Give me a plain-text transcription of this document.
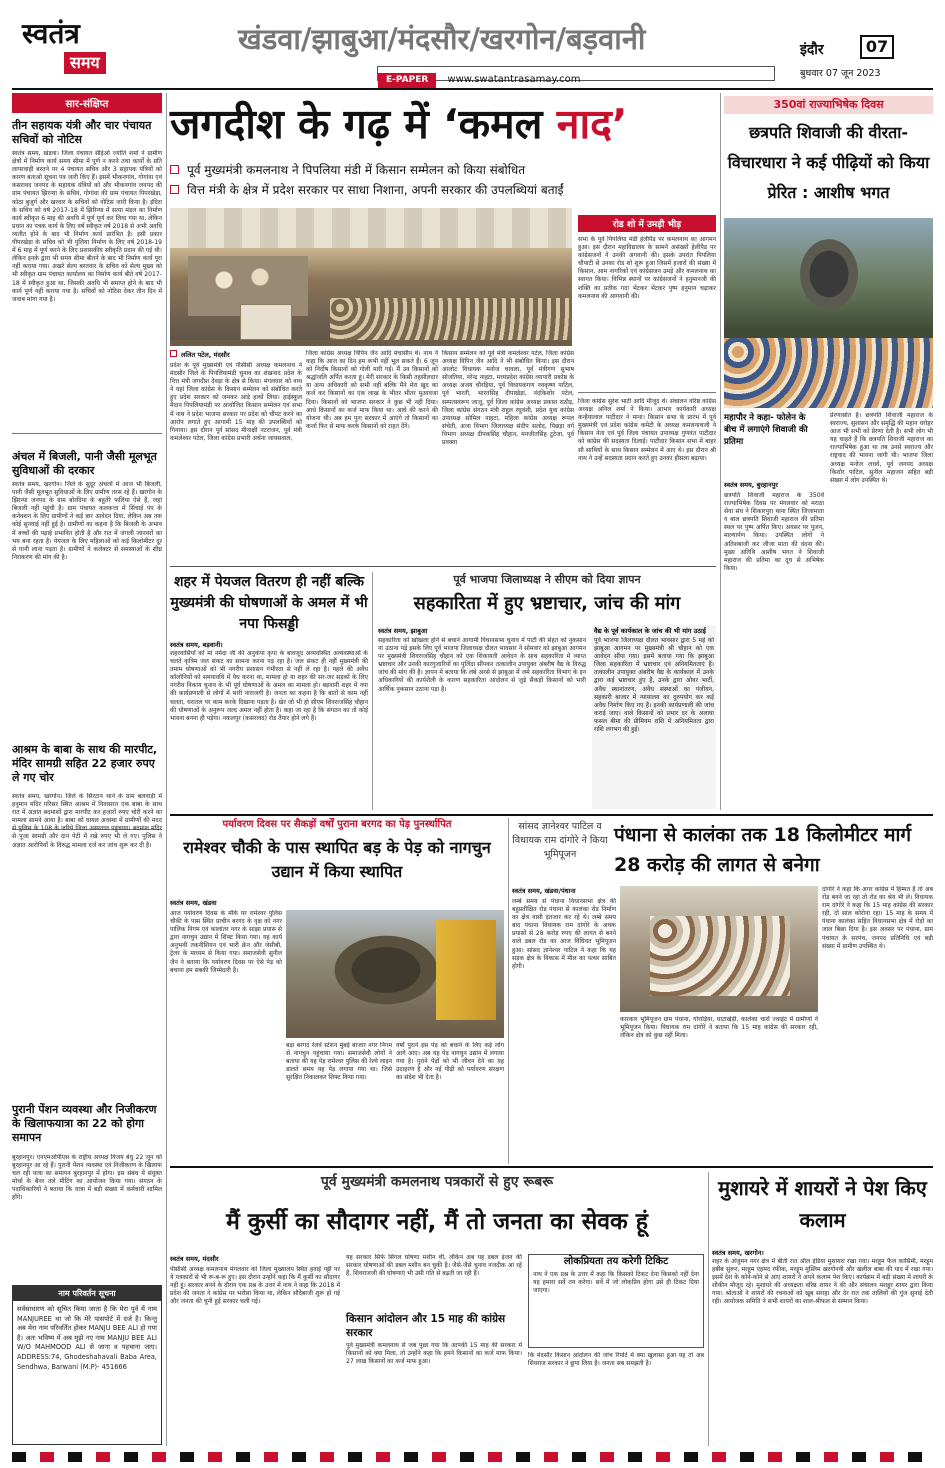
स्वतंत्र
समय
खंडवा/झाबुआ/मंदसौर/खरगोन/बड़वानी
E-PAPER www.swatantrasamay.com
इंदौर	07
बुधवार 07 जून 2023
सार-संक्षिप्त
तीन सहायक यंत्री और चार पंचायत सचिवों को नोटिस
स्वतंत्र समय, खंडवा। जिला पंचायत सीईओ ज्योति शर्मा ने ग्रामीण क्षेत्रों में निर्माण कार्य समय सीमा में पूर्ण न करने तथा कार्यों के प्रति लापरवाही बरतने पर 4 पंचायत सचिव और 3 सहायक यंत्रियों को कारण बताओ सूचना पत्र जारी किए हैं। इसमें भीकनगांव, गोगांवा एवं कसरावद जनपद के सहायक यंत्रियों को और भीकनगांव जनपद की ग्राम पंचायत झिरन्या के सचिव, गोगांवा की ग्राम पंचायत पिपरखेड़ा, कोठा बुजुर्ग और खरवार के सचिवों को नोटिस जारी किया है। इंदिरा के सचिव को वर्ष 2017-18 में झिरिन्या में सत्या मंडल का निर्माण कार्य स्वीकृत 6 माह की अवधि में पूर्ण पूर्ण कर लिया गया था, लेकिन प्रधान का पत्रक कार्य के लिए वर्ष स्वीकृत वर्ष 2018 से अभी अवधि व्यतीत होने के बाद भी निर्माण कार्य प्रारंभित है। इसी प्रकार पीपरखेड़ा के सचिव को भी पुलिया निर्माण के लिए वर्ष 2018-19 में 6 माह में पूर्ण करने के लिए प्रशासकीय स्वीकृति प्रदान की गई थी। लेकिन इनके द्वारा भी समय सीमा बीतने के बाद भी निर्माण कार्य पूरा नहीं कराया गया। अखरे सेल्य बरतवार के सचिव को सेल्य मुख्य को भी स्वीकृत ग्राम पंचायत कार्यालय का निर्माण कार्य बीते वर्ष 2017-18 में स्वीकृत हुआ था, जिसकी अवधि भी समाप्त होने के बाद भी कार्य पूर्ण नहीं कराया गया है। सचिवों को नोटिस देकर तीन दिन में जवाब मांगा गया है।
अंचल में बिजली, पानी जैसी मूलभूत सुविधाओं की दरकार
स्वतंत्र समय, खरगोन। जिले के सुदूर अंचलों में आज भी बिजली, पानी जैसी मूलभूत सुविधाओं के लिए ग्रामीण तरस रहे हैं। खरगोन के झिरन्या जनपद के ग्राम बोरदिया के बहुतेरे फलिया ऐसे हैं, जहां बिजली नहीं पहुंची है। ग्राम पंचायत कलकत्ता में सिंचाई पंप के कनेक्शन के लिए ग्रामीणों ने कई बार आवेदन दिया, लेकिन अब तक कोई सुनवाई नहीं हुई है। ग्रामीणों का कहना है कि बिजली के अभाव में बच्चों की पढ़ाई प्रभावित होती है और रात में जंगली जानवरों का भय बना रहता है। पेयजल के लिए महिलाओं को कई किलोमीटर दूर से पानी लाना पड़ता है। ग्रामीणों ने कलेक्टर से समस्याओं के शीघ्र निराकरण की मांग की है।
आश्रम के बाबा के साथ की मारपीट, मंदिर सामग्री सहित 22 हजार रुपए ले गए चोर
स्वतंत्र समय, खरगोन। जिले के सिरटान थाने के ग्राम बलवाड़ी में हनुमान मंदिर परिसर स्थित आश्रम में निवासरत एक बाबा के साथ रात में अज्ञात बदमाशों द्वारा मारपीट कर हजारों रुपए चोरी करने का मामला सामने आया है। बाबा को घायल अवस्था में ग्रामीणों की मदद से पुलिस के 108 के जरिये जिला अस्पताल पहुंचाया। बदमाश मंदिर से पूजा सामग्री और दान पेटी में रखे रुपए भी ले गए। पुलिस ने अज्ञात आरोपियों के विरुद्ध मामला दर्ज कर जांच शुरू कर दी है।
पुरानी पेंशन व्यवस्था और निजीकरण के खिलाफयात्रा का 22 को होगा समापन
बुरहानपुर। एनएमओपीएस के राष्ट्रीय अध्यक्ष विजय बंधु 22 जून को बुरहानपुर आ रहे हैं। पुरानी पेंशन व्यवस्था एवं निजीकरण के खिलाफ चल रही यात्रा का समापन बुरहानपुर में होगा। इस संबंध में संयुक्त मोर्चा के बैनर तले मीटिंग का आयोजन किया गया। संगठन के पदाधिकारियों ने बताया कि यात्रा में बड़ी संख्या में कर्मचारी शामिल होंगे।
नाम परिवर्तन सूचना
सर्वसाधारण को सूचित किया जाता है कि मेरा पूर्व में नाम MANJUREE था जो कि मेरे पासपोर्ट में दर्ज है। किन्तु अब मेरा नाम परिवर्तित होकर MANJU BEE ALI हो गया है। अतः भविष्य में अब मुझे नए नाम MANJU BEE ALI W/O MAHMOOD ALI से जाना व पहचाना जाए। ADDRESS:74, Ghodeshahavali Baba Area, Sendhwa, Barwani (M.P)- 451666
जगदीश के गढ़ में ‘कमल नाद’
पूर्व मुख्यमंत्री कमलनाथ ने पिपलिया मंडी में किसान सम्मेलन को किया संबोधित
वित्त मंत्री के क्षेत्र में प्रदेश सरकार पर साधा निशाना, अपनी सरकार की उपलब्धियां बताईं
ललित पटेल, मंदसौर
रोड शो में उमड़ी भीड़
सभा के पूर्व पिपलिया मंडी हेलीपैड पर कमलनाथ का आगमन हुआ। इस दौरान महाविद्यालय के सामने असंख्यों हेलीपैड पर कांग्रेसजनों ने उनकी अगवानी की। इसके उपरांत पिपलिया चौपाटी से उनका रोड शो शुरू हुआ जिसमें हजारों की संख्या में किसान, आम नागरिकों एवं कांग्रेसजन उमड़े और कमलनाथ का स्वागत किया। विभिन्न स्थानों पर कांग्रेसजनों ने हनुमानजी की शक्ति का प्रतीक गदा भेंटकर भेंटकर पुष्प हनुमान चढ़ाकर कमलनाथ की आगवानी की।
प्रदेश के पूर्व मुख्यमंत्री एवं पीसीसी अध्यक्ष कमलनाथ ने मंदसौर जिले के पिपलियामंडी चुनाव का शंखनाद प्रदेश के वित्त मंत्री जगदीश देवड़ा के क्षेत्र से किया। मंगलवार को नाथ ने यहां जिला कांग्रेस के किसान सम्मेलन को संबोधित करते हुए प्रदेश सरकार को जमकर आड़े हाथों लिया। हाईस्कूल मैदान पिपलियामंडी पर आयोजित किसान सम्मेलन एवं सभा में नाथ ने प्रदेश भाजपा सरकार पर प्रदेश को चौपट करने का आरोप लगाते हुए आगामी 15 माह की उपलब्धियों को गिनाया। इस दौरान पूर्व सांसद मीनाक्षी नटराजन, पूर्व मंत्री कमलेश्वर पटेल, जिला कांग्रेस प्रभारी अर्चना जायसवाल,
जिला कांग्रेस अध्यक्ष विपिन जैन आदि मंचासीन थे। नाथ ने कहा कि आज का दिन हम कभी नहीं भूल सकते हैं। 6 जून को निर्दोष किसानों को गोली मारी गई। मैं उन किसानों को श्रद्धांजलि अर्पित करता हूं। मेरी सरकार के किसी तहसीलदार या अन्य अधिकारी को सभी नहीं बल्कि मैंने मेरा खुद का कर्ज कर किसानों का एक लाख के भीतर भीतर मुआवजा दिया। किसानों को भाजपा सरकार ने कुछ भी नहीं दिया। आधे किसानों का कर्ज माफ किया था। आधे की करने की योजना थी। अब हम पुनः सरकार में आएंगे तो किसानों का कर्जा फिर से माफ करके किसानों को राहत देंगे।
किसान सम्मेलन को पूर्व मंत्री कमलेश्वर पटेल, जिला कांग्रेस अध्यक्ष विपिन जैन आदि ने भी संबोधित किया। इस दौरान आलोट विधायक मनोज चावला, पूर्व मंत्रीगण सुभाष सोजतिया, नरेन्द्र नाहटा, मध्यप्रदेश कांग्रेस व्यापारी प्रकोष्ठ के अध्यक्ष अजय चौरड़िया, पूर्व विधायकगण नवकृष्ण पाटिल, पूर्व भारती, भारतसिंह दीपाखेड़ा, नंदकिशोर पटेल, सम्पतस्वरूप जाजू, पूर्व जिला कांग्रेस अध्यक्ष प्रकाश राठौड़, जिला कांग्रेस संगठन मंत्री राहुल रघुवंशी, प्रदेश युवा कांग्रेस उपाध्यक्ष सोमिल नाहटा, महिला कांग्रेस अध्यक्ष रूपल संचेती, अजा विभाग जिलाध्यक्ष संदीप सलोद, पिछड़ा वर्ग विभाग अध्यक्ष दीपकसिंह चौहान, मनजीतसिंह टुटेजा, पूर्व प्रवक्ता
जिला कांग्रेस सुरेश भाटी आदि मौजूद थे। संचालन वरिष्ठ कांग्रेस अध्यक्ष अनिल शर्मा ने किया। आभार कार्यकारी अध्यक्ष कन्हैयालाल पाटीदार ने माना। किसान सभा के प्रारंभ में पूर्व मुख्यमंत्री एवं प्रदेश कांग्रेस कमेटी के अध्यक्ष कमलनाथजी ने किसान नेता एवं पूर्व जिला पंचायत उपाध्यक्ष गुणवंत पाटीदार को कांग्रेस की सदस्यता दिलाई। पाटीदार किसान सभा में बाहर सौ साथियों के साथ किसान सम्मेलन में आए थे। इस दौरान श्री नाथ ने उन्हें सदस्यता प्रदान करते हुए उनका हौसला बढ़ाया।
शहर में पेयजल वितरण ही नहीं बल्कि मुख्यमंत्री की घोषणाओं के अमल में भी नपा फिसड्डी
स्वतंत्र समय, बड़वानी।
शहरवासियों को मां नर्मदा जी की अनुकंपा कृपा के बावजूद अव्यवस्थित अव्यवस्थाओं के चलते कृत्रिम जल संकट का सामना करना पड़ रहा है। जल संकट ही नहीं मुख्यमंत्री की तमाम घोषणाओं को भी नगरीय प्रशासन गंभीरता से नहीं ले रहा है। पहले की अवैध कॉलोनियों को समयावधि में वैध करना था, मामला हो या शहर की सर-जर सड़कों के लिए नगरीय निकाय चुनाव के भी पूर्व घोषणाओं के अमल का मामला हो। बड़वानी शहर में नपा की कार्यप्रणाली से लोगों में भारी नाराजगी है। जनता का कहना है कि बातों से काम नहीं चलता, धरातल पर काम करके दिखाना पड़ता है। खेर जो भी हो सीएम शिवराजसिंह चौहान की घोषणाओं के अनुरूप जल्द अमल नहीं होता है। कहा जा रहा है कि संगठन का तो कोई भावना बनना ही पड़ेगा। नकलपुर (कसरावद) रोड तैयार होने लगे हैं।
पूर्व भाजपा जिलाध्यक्ष ने सीएम को दिया ज्ञापन
सहकारिता में हुए भ्रष्टाचार, जांच की मांग
स्वतंत्र समय, झाबुआ
सहकारिता को खोखला होने से बचाने आगामी विधानसभा चुनाव में पार्टी की सेहत को नुकसान ना उठाना पड़े इसके लिए पूर्व भाजपा जिलाध्यक्ष दौलत भावसार ने सोमवार को झाबुआ आगमन पर मुख्यमंत्री शिवराजसिंह चौहान को एक शिकायती आवेदन के साथ सहकारिता में व्याप्त भ्रष्टाचार और उनकी कारगुजारियों का पुलिंदा सौंपकर तत्कालीन उपायुक्त अंबरीष वैद्य के विरुद्ध जांच की मांग की है। ज्ञापन में बताया कि लंबे अरसे से झाबुआ में जमे सहकारिता विभाग के इन अधिकारियों की कार्यशैली के कारण सहकारिता आंदोलन से जुड़े सैकड़ों किसानों को भारी आर्थिक नुकसान उठाना पड़ा है।
वैद्य के पूर्व कार्यकाल के जांच की भी मांग उठाई
पूर्व भाजपा जिलाध्यक्ष दौलत भावसार द्वारा 5 मई को झाबुआ आगमन पर मुख्यमंत्री श्री चौहान को एक आवेदन सौंपा गया। इसमें बताया गया कि झाबुआ जिला सहकारिता में भ्रष्टाचार एवं अनियमितताएं हैं। तत्कालीन उपायुक्त अंबरीष वैद्य के कार्यकाल में उनके द्वारा कई भ्रष्टाचार हुए हैं, उनके द्वारा ओवर भार्टी, अवैध स्थानांतरण, अवैध संस्थाओं का पंजीयन, सहकारी बाजार में न्यायालय का दुरुपयोग कर कई अवैध निर्माण किए गए हैं। इनकी कार्यप्रणाली की जांच कराई जाए। वाले किसानों को प्रभार दर के अलावा फसल बीमा की प्रीमियम राशि में अनियमितता द्वारा राशि लगभग की हुई।
350वां राज्याभिषेक दिवस
छत्रपति शिवाजी की वीरता-विचारधारा ने कई पीढ़ियों को किया प्रेरित : आशीष भगत
महापौर ने कहा- फोलेन के बीच में लगाएंगे शिवाजी की प्रतिमा
प्रेरणास्रोत है। छत्रपति शिवाजी महाराज के स्वराज्य, सुशासन और समृद्धि की महान धरोहर आज भी सभी को प्रेरणा देती है। सभी लोग भी यह चाहते हैं कि छत्रपति शिवाजी महाराज का राज्याभिषेक हुआ था तब उनसे स्वराज्य और राष्ट्रवाद की भावना जागी थी। भाजपा जिला अध्यक्ष मनोज लधवे, पूर्व जनपद अध्यक्ष किशोर पाटिल, सुनील महाजन सहित बड़ी संख्या में लोग उपस्थित थे।
स्वतंत्र समय, बुरहानपुर
छत्रपति शिवाजी महाराज के 350वें राज्याभिषेक दिवस पर मंगलवार को मराठा सेवा संघ ने शिकारपुरा थाना स्थित जिजामाता व बाल छत्रपति शिवाजी महाराज की प्रतिमा स्थल पर पुष्प अर्पित किए। अवसर पर पूजन, माल्यार्पण किया। उपस्थित लोगों ने अतिशबाजी कर जीजा माता की वंदना की। मुख्य अतिथि आशीष भगत ने शिवाजी महाराज की प्रतिमा का दूध से अभिषेक किया।
पर्यावरण दिवस पर सैकड़ों वर्षों पुराना बरगद का पेड़ पुनर्स्थापित
रामेश्वर चौकी के पास स्थापित बड़ के पेड़ को नागचुन उद्यान में किया स्थापित
स्वतंत्र समय, खंडवा
आज पर्यावरण दिवस के मौके पर रामेश्वर पुलिस चौकी के पास स्थित प्राचीन बरगद के वृक्ष को नगर पालिक निगम एवं कालांतर नगर के साझा प्रयास से द्वारा नागचुन उद्यान में शिफ्ट किया गया। यह कार्य अनुभवी तकनीशियन एवं भारी क्रेन और जेसीबी, ट्रेलर के माध्यम से किया गया। समाजसेवी सुनील जैन ने बताया कि पर्यावरण दिवस पर ऐसे पेड़ को बचाना हम सबकी जिम्मेदारी है।
बड़ा बरगद रेलवे स्टेशन मुंबई बाजार नगर निगम से नागचुन पहुंचाया गया। समाजसेवी लोगों ने बताया की यह पेड़ रामेश्वर पुलिस की रेल्वे लाइन डालते समय यह पेड़ लगाया गया था। जिसे सुरक्षित निकालकर शिफ्ट किया गया।
वर्षों पुराने इस पेड़ को बचाने के लिए कई लोग आगे आए। अब यह पेड़ नागचुन उद्यान में लगाया गया है। पुराने पेड़ों को भी जीवन देने का यह उदाहरण है और नई पीढ़ी को पर्यावरण संरक्षण का संदेश भी देता है।
सांसद ज्ञानेश्वर पाटिल व विधायक राम दांगोरे ने किया भूमिपूजन
पंधाना से कालंका तक 18 किलोमीटर मार्ग 28 करोड़ की लागत से बनेगा
स्वतंत्र समय, खंडवा/पंधाना
लम्बे समय से पंधाना विधानसभा क्षेत्र की बहुप्रतीक्षित रोड पंधाना से कालंका रोड निर्माण का क्षेत्र वासी इंतजार कर रहे थे। लम्बे समय बाद पंधाना विधायक राम दांगोरे के अथक प्रयासों से 28 करोड़ रुपए की लागत से बनने वाले डबल रोड का आज विधिवत भूमिपूजन हुआ। सांसद ज्ञानेश्वर पाटिल ने कहा कि यह सड़क क्षेत्र के विकास में मील का पत्थर साबित होगी।
कारकार भूमिपूजन ग्राम पंधाना, गोराड़िया, घाटाखेड़ी, कालंका चारों ज्वाइंट में ग्रामीणों ने भूमिपूजन किया। विधायक राम दांगोरे ने बताया कि 15 माह कांग्रेस की सरकार रही, लेकिन क्षेत्र को कुछ नहीं मिला।
दांगोरे ने कहा कि अगर कांग्रेस में हिम्मत है तो अब रोड बनने जा रहा तो रोड का श्रेय भी ले। विधायक राम दांगोरे ने कहा कि 15 माह कांग्रेस की सरकार रही, दो साल कोरोना रहा। 15 माह के समय में पंधाना कालंका सहित विधानसभा क्षेत्र में रोड़ों का जाल बिछा दिया है। इस अवसर पर पंधाना, ग्राम पंचायत के सरपंच, जनपद प्रतिनिधि एवं बड़ी संख्या में ग्रामीण उपस्थित थे।
पूर्व मुख्यमंत्री कमलनाथ पत्रकारों से हुए रूबरू
मैं कुर्सी का सौदागर नहीं, मैं तो जनता का सेवक हूं
स्वतंत्र समय, मंदसौर
पीसीसी अध्यक्ष कमलनाथ मंगलवार को जिला मुख्यालय स्थित हवाई पट्टी पर ये पत्रकारों से भी रू-ब-रू हुए। इस दौरान उन्होंने कहा कि मैं कुर्सी का सौदागर नहीं हूं। सरकार बनने के दौरान एक प्रश्न के उत्तर में नाथ ने कहा कि 2018 में प्रदेश की जनता ने कांग्रेस पर भरोसा किया था, लेकिन सौदेबाजी शुरू हो गई और जनता की चुनी हुई सरकार चली गई।
यह सरकार सिर्फ सिंगल घोषणा मशीन थी, लेकिन अब यह डबल इंजन की सरकार घोषणाओं की डबल मशीन बन चुकी है। जैसे-जैसे चुनाव नजदीक आ रहे हैं, शिवराजजी की घोषणाएं भी उसी गति से बढ़ती जा रही हैं।
किसान आंदोलन और 15 माह की कांग्रेस सरकार
पूर्व मुख्यमंत्री कमलनाथ से जब पूछा गया कि आपकी 15 माह की सरकार में किसानों को क्या मिला, तो उन्होंने कहा कि हमने किसानों का कर्ज माफ किया। 27 लाख किसानों का कर्ज माफ हुआ।
लोकप्रियता तय करेगी टिकिट
नाथ ने एक प्रश्न के उत्तर में कहा कि किसको टिकट देना किसको नहीं देना यह हमारा सर्वे तय करेगा। सर्वे में जो लोकप्रिय होगा उसे ही टिकट दिया जाएगा।
कि मंदसौर किसान आंदोलन की जांच रिपोर्ट में क्या खुलासा हुआ यह तो अब शिवराज सरकार ने छुपा लिया है। जनता सब समझती है।
मुशायरे में शायरों ने पेश किए कलाम
स्वतंत्र समय, खरगोन।
शहर के अंजुमन नगर क्षेत्र में बीती रात ऑल इंडिया मुशायरा रखा गया। मरहूम फैज कासिमी, मरहूम हबीब सुरूर, मरहूम एहमद रफीक, मरहूम मुस्लिम खरगोनवी और खलील बाबा की याद में रखा गया। इसमें देश के कोने-कोने से आए शायरों ने अपने कलाम पेश किए। कार्यक्रम में बड़ी संख्या में शायरी के शौकीन मौजूद रहे। मुशायरे की अध्यक्षता वरिष्ठ शायर ने की और संचालन मशहूर शायर द्वारा किया गया। श्रोताओं ने शायरों की रचनाओं को खूब सराहा और देर रात तक तालियों की गूंज सुनाई देती रही। आयोजक समिति ने सभी शायरों का शाल-श्रीफल से सम्मान किया।
